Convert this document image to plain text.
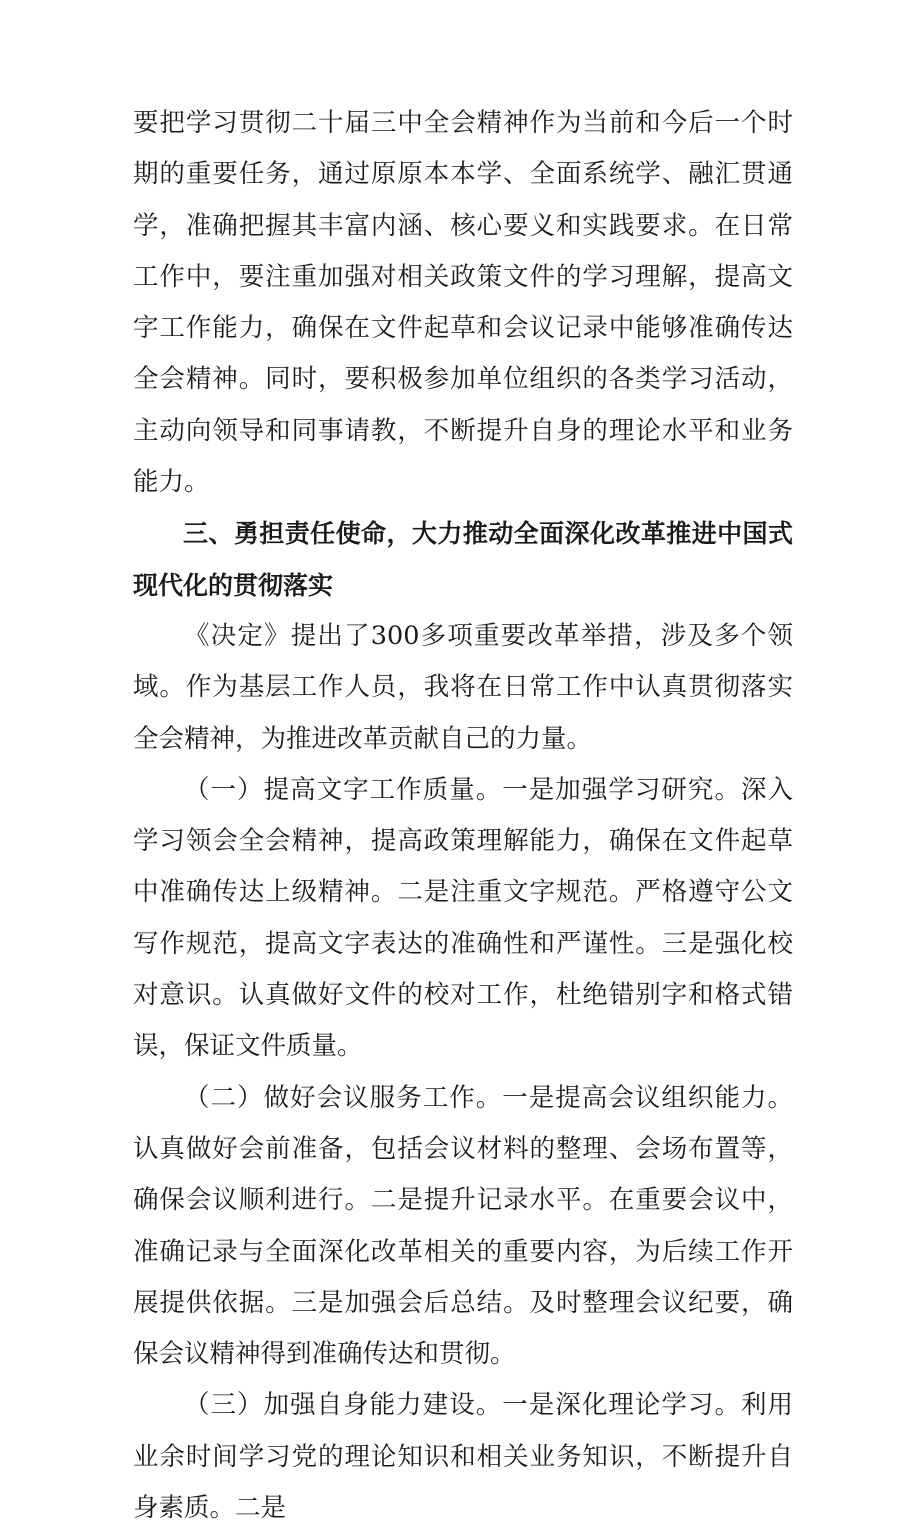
要把学习贯彻二十届三中全会精神作为当前和今后一个时期的重要任务，通过原原本本学、全面系统学、融汇贯通学，准确把握其丰富内涵、核心要义和实践要求。在日常工作中，要注重加强对相关政策文件的学习理解，提高文字工作能力，确保在文件起草和会议记录中能够准确传达全会精神。同时，要积极参加单位组织的各类学习活动，主动向领导和同事请教，不断提升自身的理论水平和业务能力。

三、勇担责任使命，大力推动全面深化改革推进中国式现代化的贯彻落实

《决定》提出了300多项重要改革举措，涉及多个领域。作为基层工作人员，我将在日常工作中认真贯彻落实全会精神，为推进改革贡献自己的力量。

（一）提高文字工作质量。一是加强学习研究。深入学习领会全会精神，提高政策理解能力，确保在文件起草中准确传达上级精神。二是注重文字规范。严格遵守公文写作规范，提高文字表达的准确性和严谨性。三是强化校对意识。认真做好文件的校对工作，杜绝错别字和格式错误，保证文件质量。

（二）做好会议服务工作。一是提高会议组织能力。认真做好会前准备，包括会议材料的整理、会场布置等，确保会议顺利进行。二是提升记录水平。在重要会议中，准确记录与全面深化改革相关的重要内容，为后续工作开展提供依据。三是加强会后总结。及时整理会议纪要，确保会议精神得到准确传达和贯彻。

（三）加强自身能力建设。一是深化理论学习。利用业余时间学习党的理论知识和相关业务知识，不断提升自身素质。二是
